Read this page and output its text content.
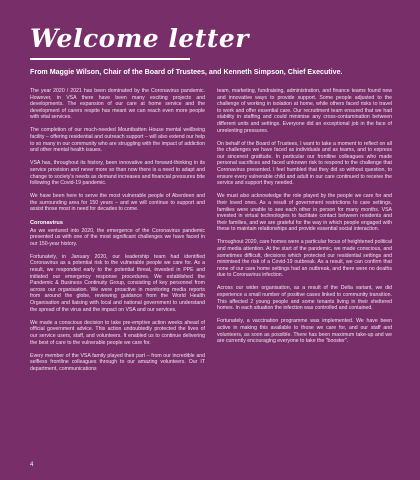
Welcome letter
From Maggie Wilson, Chair of the Board of Trustees, and Kenneth Simpson, Chief Executive.

The year 2020 / 2021 has been dominated by the Coronavirus pandemic. However, in VSA there have been many exciting projects and developments. The expansion of our care at home service and the development of carers respite has meant we can reach even more people with vital services.

The completion of our much-needed Mountbatten House mental wellbeing facility – offering residential and outreach support – will also extend our help to so many in our community who are struggling with the impact of addiction and other mental health issues.

VSA has, throughout its history, been innovative and forward-thinking in its service provision and never more so than now there is a need to adapt and change to society's needs as demand increases and financial pressures bite following the Covid-19 pandemic.

We have been here to serve the most vulnerable people of Aberdeen and the surrounding area for 150 years – and we will continue to support and assist those most in need for decades to come.

Coronavirus

As we ventured into 2020, the emergence of the Coronavirus pandemic presented us with one of the most significant challenges we have faced in our 150-year history.

Fortunately, in January 2020, our leadership team had identified Coronavirus as a potential risk to the vulnerable people we care for. As a result, we responded early to the potential threat, invested in PPE and initiated our emergency response procedures. We established the Pandemic & Business Continuity Group, consisting of key personnel from across our organisation. We were proactive in monitoring media reports from around the globe, reviewing guidance from the World Health Organisation and liaising with local and national government to understand the spread of the virus and the impact on VSA and our services.

We made a conscious decision to take pre-emptive action weeks ahead of official government advice. This action undoubtedly protected the lives of our service users, staff, and volunteers. It enabled us to continue delivering the best of care to the vulnerable people we care for.

Every member of the VSA family played their part – from our incredible and selfless frontline colleagues through to our amazing volunteers. Our IT department, communications

team, marketing, fundraising, administration, and finance teams found new and innovative ways to provide support. Some people adjusted to the challenge of working in isolation at home, while others faced risks to travel to work and offer essential care. Our recruitment team ensured that we had stability in staffing and could minimise any cross-contamination between different units and settings. Everyone did an exceptional job in the face of unrelenting pressures.

On behalf of the Board of Trustees, I want to take a moment to reflect on all the challenges we have faced as individuals and as teams, and to express our sincerest gratitude. In particular our frontline colleagues who made personal sacrifices and faced unknown risk to respond to the challenge that Coronavirus presented. I feel humbled that they did so without question, to ensure every vulnerable child and adult in our care continued to receive the service and support they needed.

We must also acknowledge the role played by the people we care for and their loved ones. As a result of government restrictions to care settings, families were unable to see each other in person for many months. VSA invested in virtual technologies to facilitate contact between residents and their families, and we are grateful for the way in which people engaged with these to maintain relationships and provide essential social interaction.

Throughout 2020, care homes were a particular focus of heightened political and media attention. At the start of the pandemic, we made conscious, and sometimes difficult, decisions which protected our residential settings and minimised the risk of a Covid-19 outbreak. As a result, we can confirm that none of our care home settings had an outbreak, and there were no deaths due to Coronavirus infection.

Across our wider organisation, as a result of the Delta variant, we did experience a small number of positive cases linked to community transition. This affected 2 young people and some tenants living in their sheltered homes. In each situation the infection was controlled and contained.

Fortunately, a vaccination programme was implemented. We have been active in making this available to those we care for, and our staff and volunteers, as soon as possible. There has been maximum take-up and we are currently encouraging everyone to take the "booster".

4
